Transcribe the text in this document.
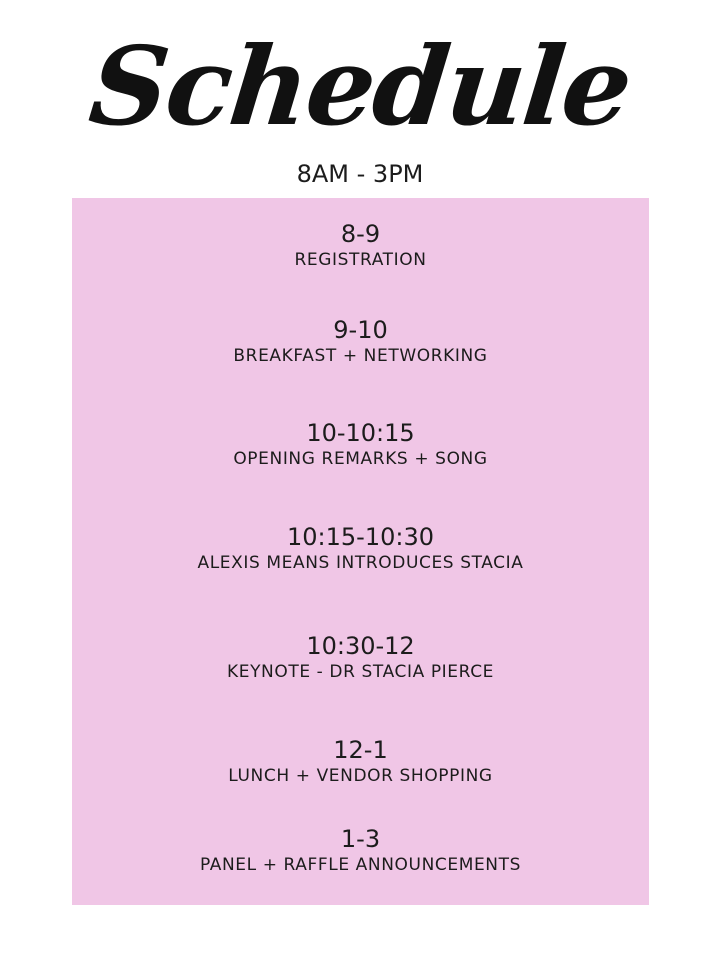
Schedule
8AM - 3PM
8-9
REGISTRATION
9-10
BREAKFAST + NETWORKING
10-10:15
OPENING REMARKS + SONG
10:15-10:30
ALEXIS MEANS INTRODUCES STACIA
10:30-12
KEYNOTE - DR STACIA PIERCE
12-1
LUNCH + VENDOR SHOPPING
1-3
PANEL + RAFFLE ANNOUNCEMENTS
